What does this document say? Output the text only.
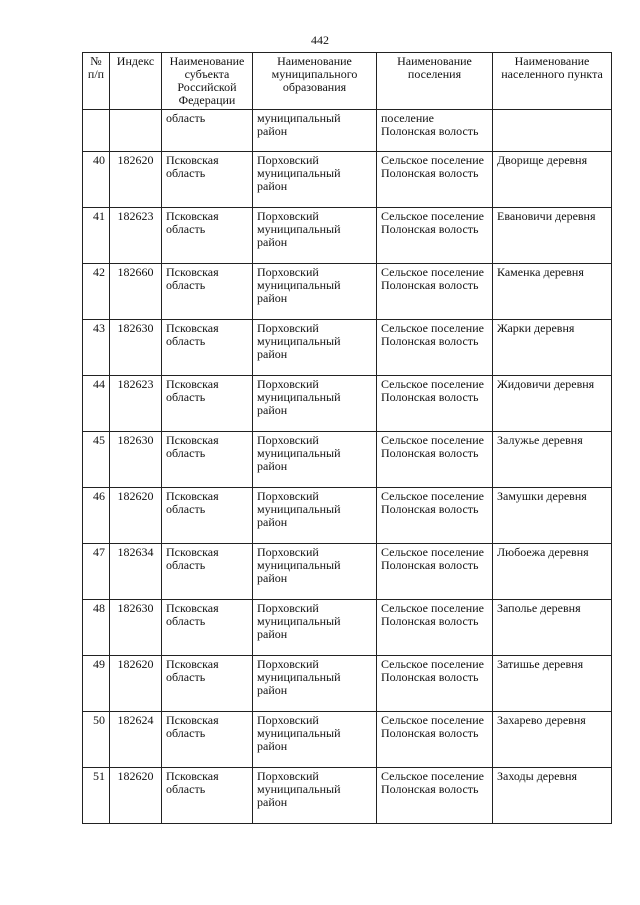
442
№ п/п	Индекс	Наименование субъекта Российской Федерации	Наименование муниципального образования	Наименование поселения	Наименование населенного пункта
		область	муниципальный район	поселение Полонская волость	
40	182620	Псковская область	Порховский муниципальный район	Сельское поселение Полонская волость	Дворище деревня
41	182623	Псковская область	Порховский муниципальный район	Сельское поселение Полонская волость	Евановичи деревня
42	182660	Псковская область	Порховский муниципальный район	Сельское поселение Полонская волость	Каменка деревня
43	182630	Псковская область	Порховский муниципальный район	Сельское поселение Полонская волость	Жарки деревня
44	182623	Псковская область	Порховский муниципальный район	Сельское поселение Полонская волость	Жидовичи деревня
45	182630	Псковская область	Порховский муниципальный район	Сельское поселение Полонская волость	Залужье деревня
46	182620	Псковская область	Порховский муниципальный район	Сельское поселение Полонская волость	Замушки деревня
47	182634	Псковская область	Порховский муниципальный район	Сельское поселение Полонская волость	Любоежа деревня
48	182630	Псковская область	Порховский муниципальный район	Сельское поселение Полонская волость	Заполье деревня
49	182620	Псковская область	Порховский муниципальный район	Сельское поселение Полонская волость	Затишье деревня
50	182624	Псковская область	Порховский муниципальный район	Сельское поселение Полонская волость	Захарево деревня
51	182620	Псковская область	Порховский муниципальный район	Сельское поселение Полонская волость	Заходы деревня
